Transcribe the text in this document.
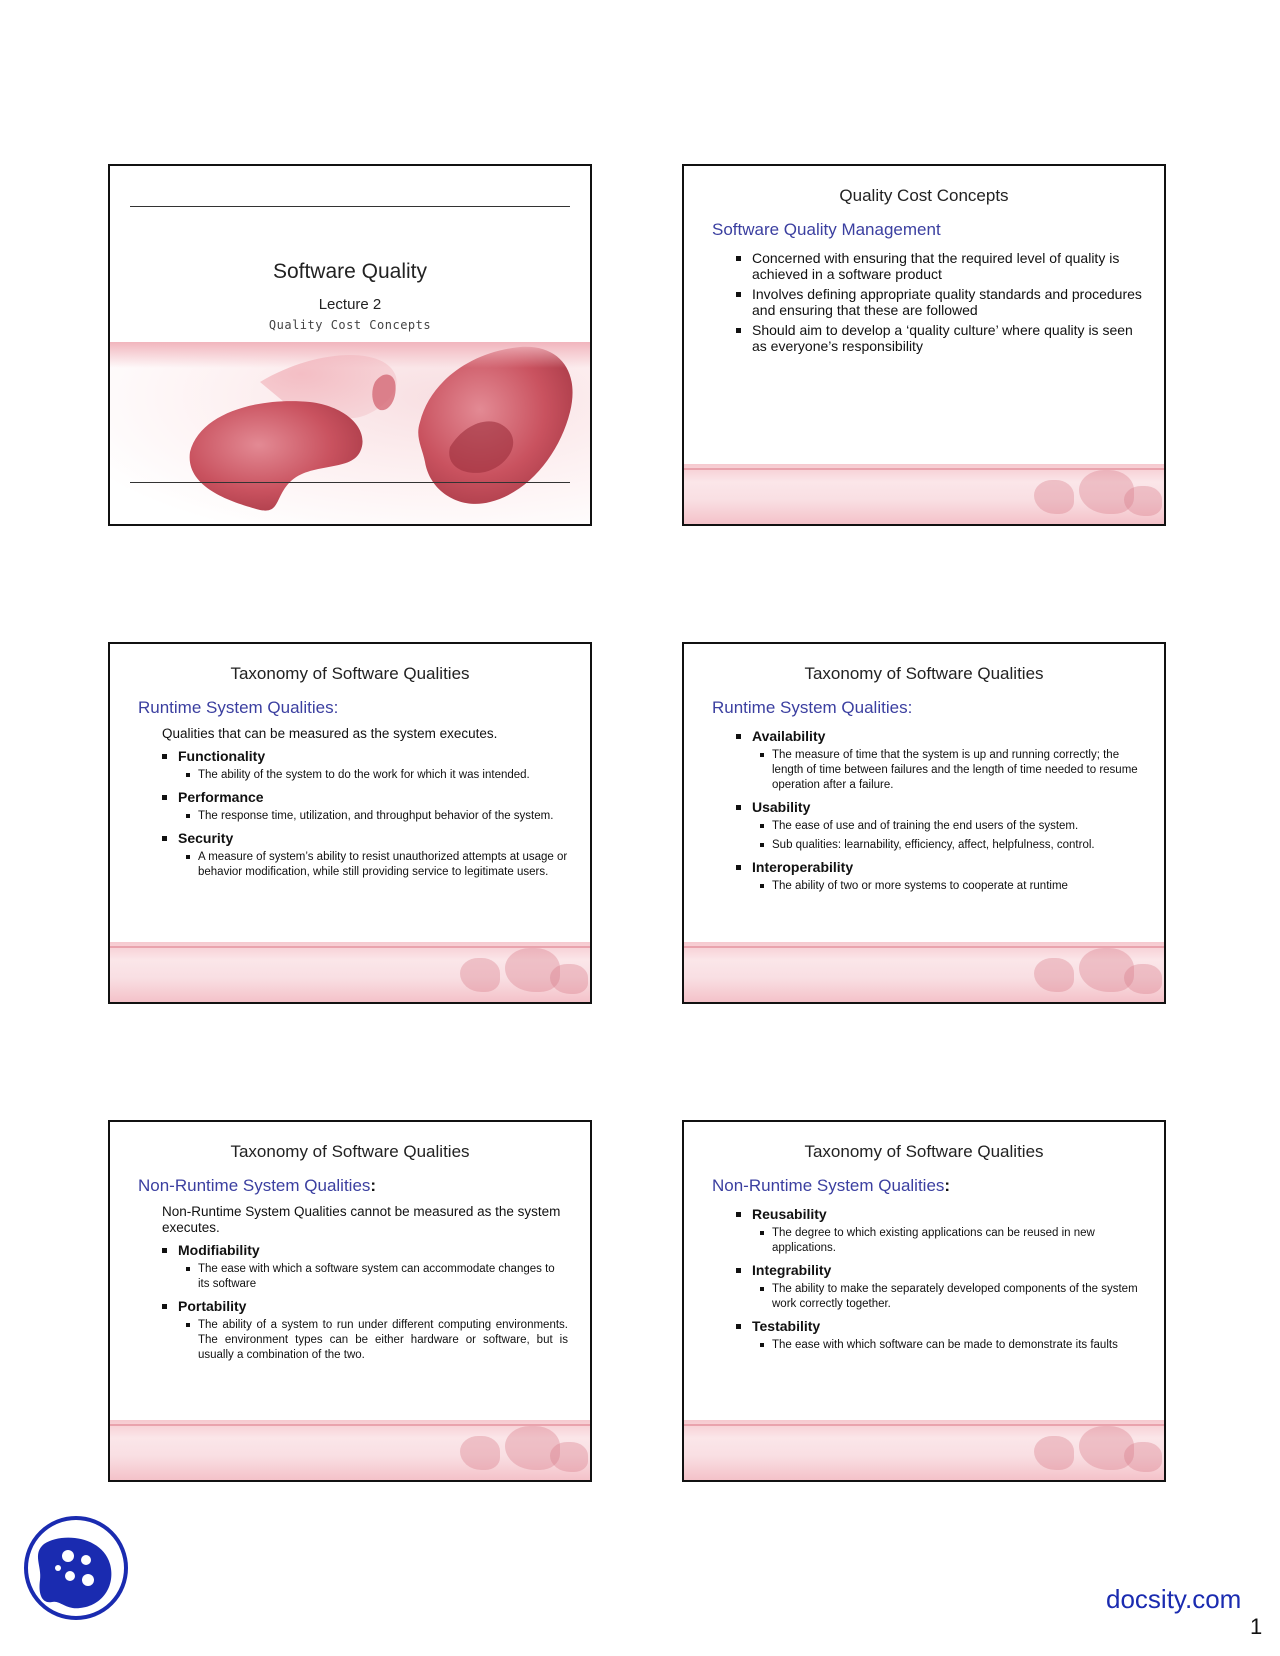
Software Quality
Lecture 2
Quality Cost Concepts
Quality Cost Concepts
Software Quality Management
Concerned with ensuring that the required level of quality is achieved in a software product
Involves defining appropriate quality standards and procedures and ensuring that these are followed
Should aim to develop a ‘quality culture’ where quality is seen as everyone’s responsibility
Taxonomy of Software Qualities
Runtime System Qualities:
Qualities that can be measured as the system executes.
Functionality
The ability of the system to do the work for which it was intended.
Performance
The response time, utilization, and throughput behavior of the system.
Security
A measure of system’s ability to resist unauthorized attempts at usage or behavior modification, while still providing service to legitimate users.
Taxonomy of Software Qualities
Runtime System Qualities:
Availability
The measure of time that the system is up and running correctly; the length of time between failures and the length of time needed to resume operation after a failure.
Usability
The ease of use and of training the end users of the system.
Sub qualities: learnability, efficiency, affect, helpfulness, control.
Interoperability
The ability of two or more systems to cooperate at runtime
Taxonomy of Software Qualities
Non-Runtime System Qualities:
Non-Runtime System Qualities cannot be measured as the system executes.
Modifiability
The ease with which a software system can accommodate changes to its software
Portability
The ability of a system to run under different computing environments. The environment types can be either hardware or software, but is usually a combination of the two.
Taxonomy of Software Qualities
Non-Runtime System Qualities:
Reusability
The degree to which existing applications can be reused in new applications.
Integrability
The ability to make the separately developed components of the system work correctly together.
Testability
The ease with which software can be made to demonstrate its faults
docsity.com
1
